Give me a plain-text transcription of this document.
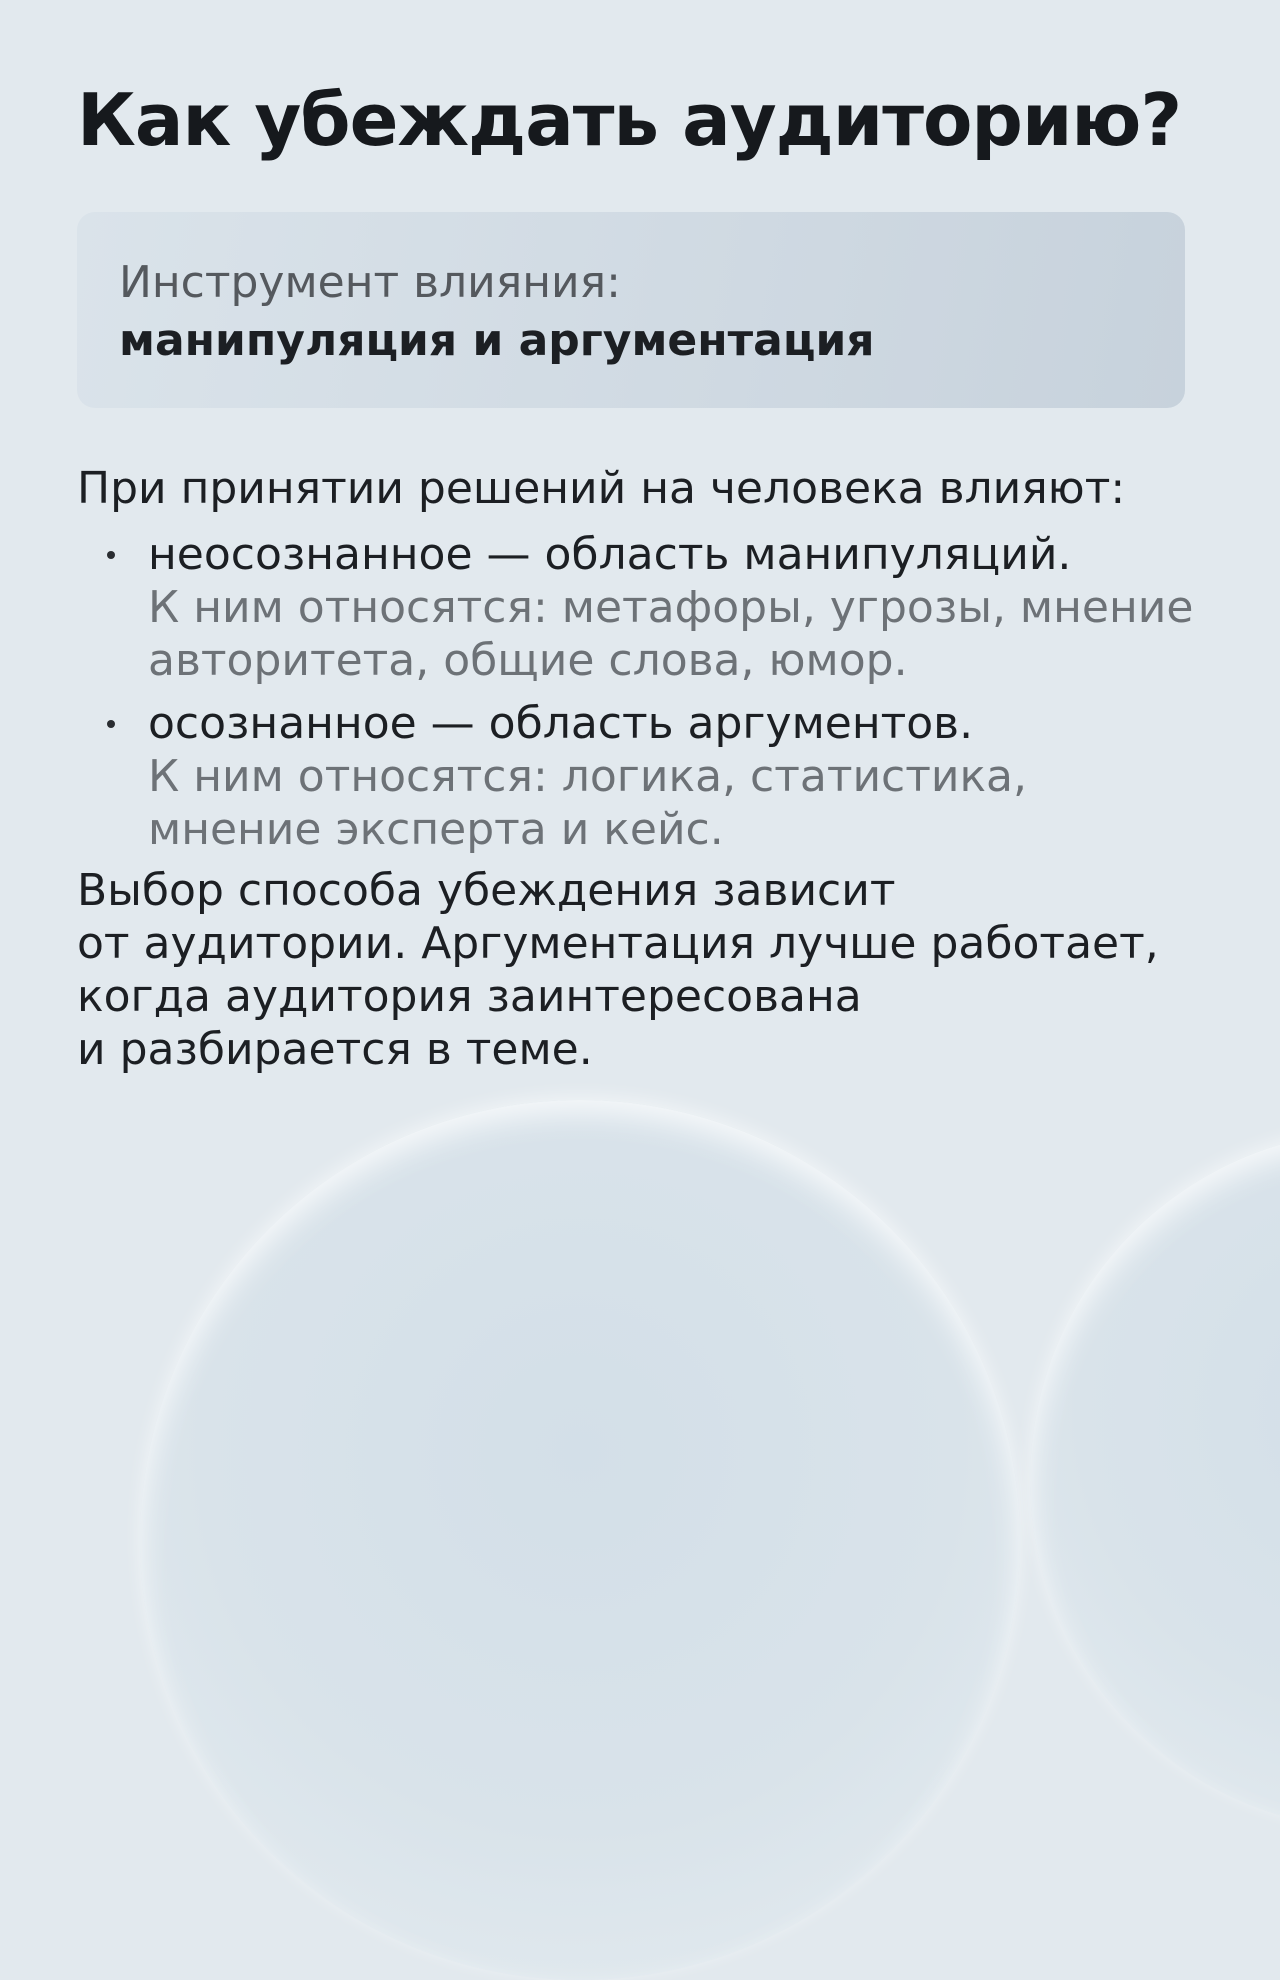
Как убеждать аудиторию?
Инструмент влияния:
манипуляция и аргументация
При принятии решений на человека влияют:
неосознанное — область манипуляций.
К ним относятся: метафоры, угрозы, мнение
авторитета, общие слова, юмор.
осознанное — область аргументов.
К ним относятся: логика, статистика,
мнение эксперта и кейс.
Выбор способа убеждения зависит
от аудитории. Аргументация лучше работает,
когда аудитория заинтересована
и разбирается в теме.
